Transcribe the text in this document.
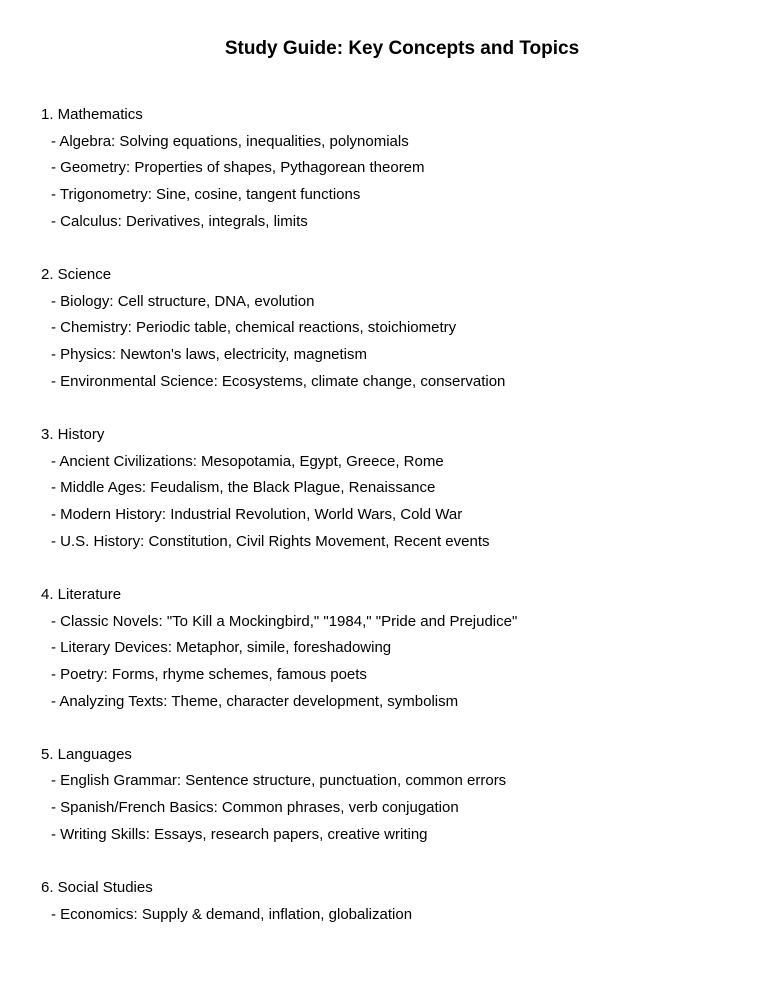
Study Guide: Key Concepts and Topics
1. Mathematics
- Algebra: Solving equations, inequalities, polynomials
- Geometry: Properties of shapes, Pythagorean theorem
- Trigonometry: Sine, cosine, tangent functions
- Calculus: Derivatives, integrals, limits
2. Science
- Biology: Cell structure, DNA, evolution
- Chemistry: Periodic table, chemical reactions, stoichiometry
- Physics: Newton's laws, electricity, magnetism
- Environmental Science: Ecosystems, climate change, conservation
3. History
- Ancient Civilizations: Mesopotamia, Egypt, Greece, Rome
- Middle Ages: Feudalism, the Black Plague, Renaissance
- Modern History: Industrial Revolution, World Wars, Cold War
- U.S. History: Constitution, Civil Rights Movement, Recent events
4. Literature
- Classic Novels: "To Kill a Mockingbird," "1984," "Pride and Prejudice"
- Literary Devices: Metaphor, simile, foreshadowing
- Poetry: Forms, rhyme schemes, famous poets
- Analyzing Texts: Theme, character development, symbolism
5. Languages
- English Grammar: Sentence structure, punctuation, common errors
- Spanish/French Basics: Common phrases, verb conjugation
- Writing Skills: Essays, research papers, creative writing
6. Social Studies
- Economics: Supply & demand, inflation, globalization
